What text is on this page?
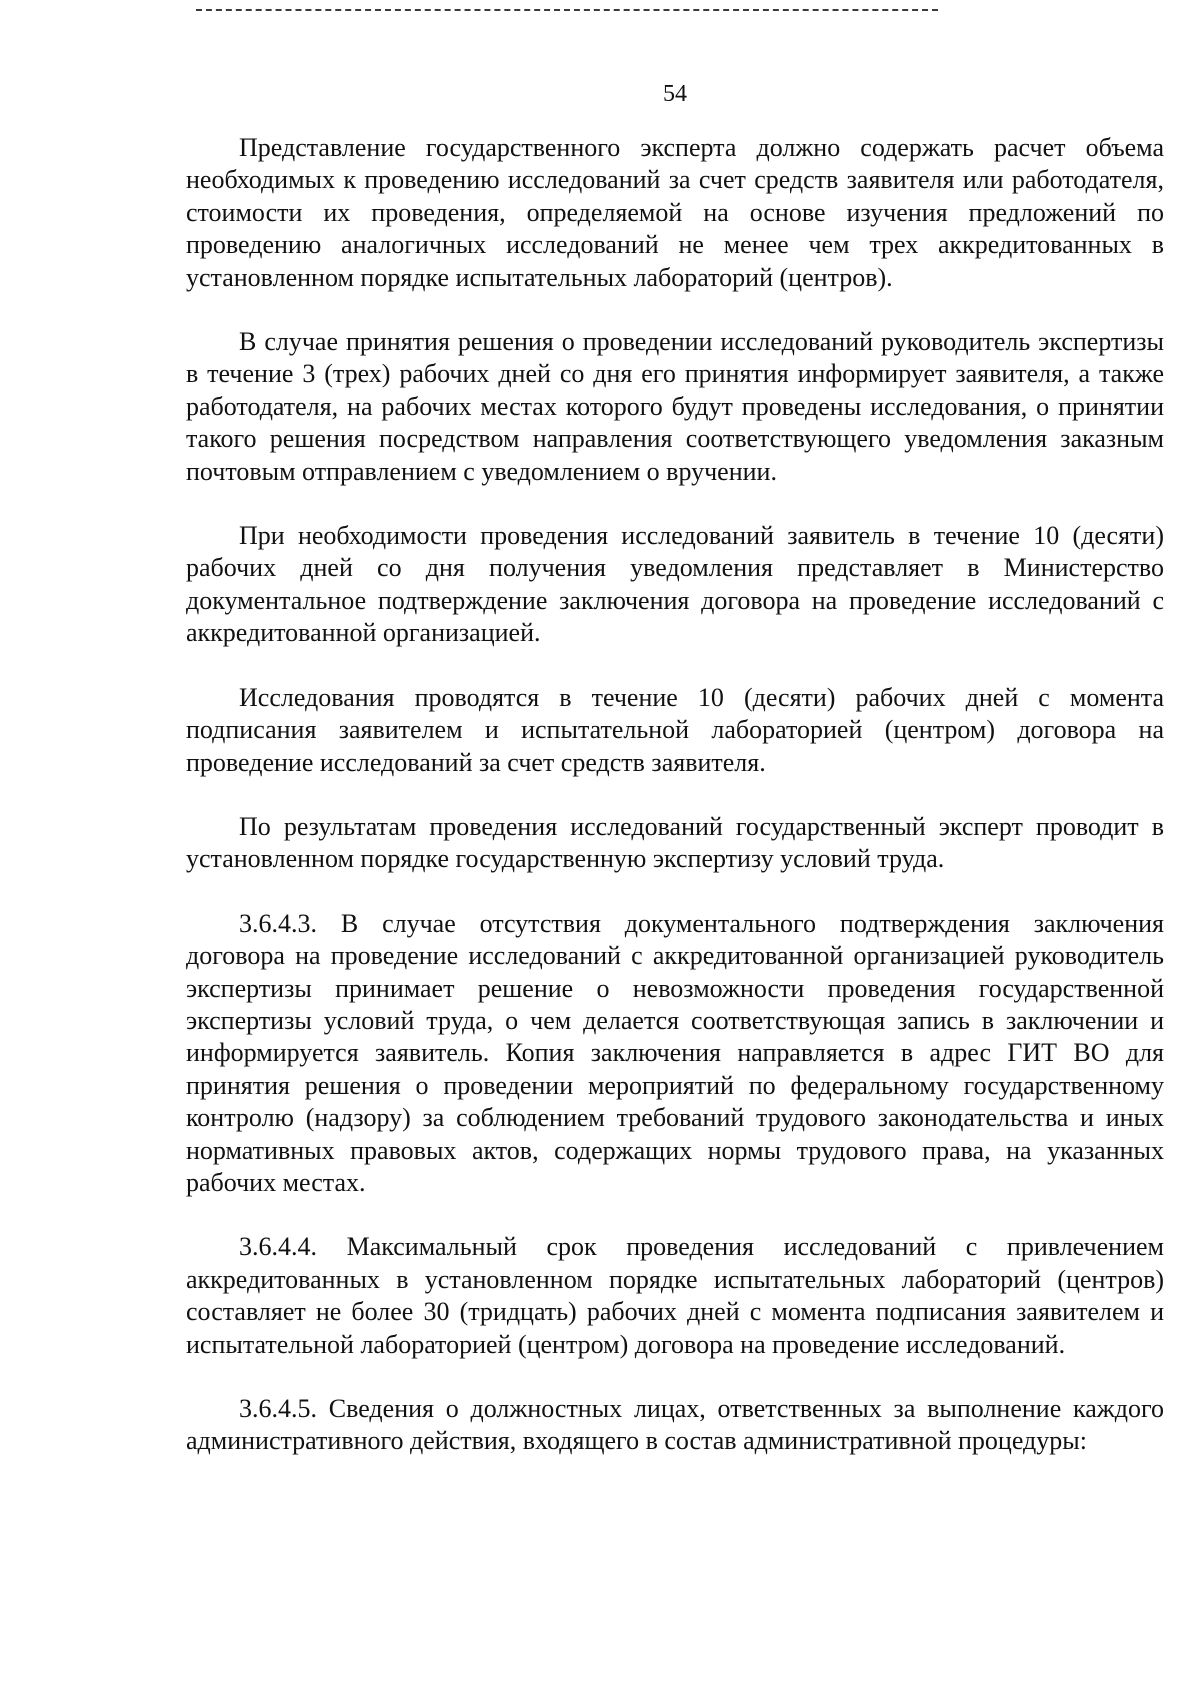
54

Представление государственного эксперта должно содержать расчет объема необходимых к проведению исследований за счет средств заявителя или работодателя, стоимости их проведения, определяемой на основе изучения предложений по проведению аналогичных исследований не менее чем трех аккредитованных в установленном порядке испытательных лабораторий (центров).

В случае принятия решения о проведении исследований руководитель экспертизы в течение 3 (трех) рабочих дней со дня его принятия информирует заявителя, а также работодателя, на рабочих местах которого будут проведены исследования, о принятии такого решения посредством направления соответствующего уведомления заказным почтовым отправлением с уведомлением о вручении.

При необходимости проведения исследований заявитель в течение 10 (десяти) рабочих дней со дня получения уведомления представляет в Министерство документальное подтверждение заключения договора на проведение исследований с аккредитованной организацией.

Исследования проводятся в течение 10 (десяти) рабочих дней с момента подписания заявителем и испытательной лабораторией (центром) договора на проведение исследований за счет средств заявителя.

По результатам проведения исследований государственный эксперт проводит в установленном порядке государственную экспертизу условий труда.

3.6.4.3. В случае отсутствия документального подтверждения заключения договора на проведение исследований с аккредитованной организацией руководитель экспертизы принимает решение о невозможности проведения государственной экспертизы условий труда, о чем делается соответствующая запись в заключении и информируется заявитель. Копия заключения направляется в адрес ГИТ ВО для принятия решения о проведении мероприятий по федеральному государственному контролю (надзору) за соблюдением требований трудового законодательства и иных нормативных правовых актов, содержащих нормы трудового права, на указанных рабочих местах.

3.6.4.4. Максимальный срок проведения исследований с привлечением аккредитованных в установленном порядке испытательных лабораторий (центров) составляет не более 30 (тридцать) рабочих дней с момента подписания заявителем и испытательной лабораторией (центром) договора на проведение исследований.

3.6.4.5. Сведения о должностных лицах, ответственных за выполнение каждого административного действия, входящего в состав административной процедуры:
